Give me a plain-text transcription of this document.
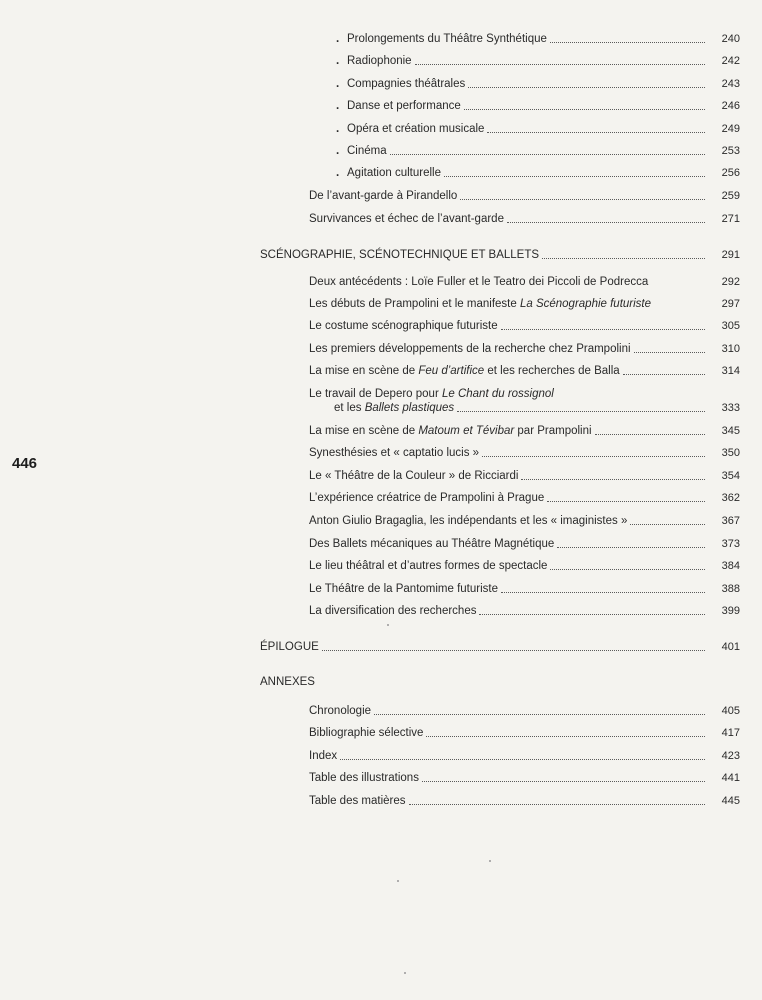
446
. Prolongements du Théâtre Synthétique	240
. Radiophonie	242
. Compagnies théâtrales	243
. Danse et performance	246
. Opéra et création musicale	249
. Cinéma	253
. Agitation culturelle	256
De l’avant-garde à Pirandello	259
Survivances et échec de l’avant-garde	271
SCÉNOGRAPHIE, SCÉNOTECHNIQUE ET BALLETS	291
Deux antécédents : Loïe Fuller et le Teatro dei Piccoli de Podrecca	292
Les débuts de Prampolini et le manifeste La Scénographie futuriste	297
Le costume scénographique futuriste	305
Les premiers développements de la recherche chez Prampolini	310
La mise en scène de Feu d’artifice et les recherches de Balla	314
Le travail de Depero pour Le Chant du rossignol
et les Ballets plastiques	333
La mise en scène de Matoum et Tévibar par Prampolini	345
Synesthésies et « captatio lucis »	350
Le « Théâtre de la Couleur » de Ricciardi	354
L’expérience créatrice de Prampolini à Prague	362
Anton Giulio Bragaglia, les indépendants et les « imaginistes »	367
Des Ballets mécaniques au Théâtre Magnétique	373
Le lieu théâtral et d’autres formes de spectacle	384
Le Théâtre de la Pantomime futuriste	388
La diversification des recherches	399
ÉPILOGUE	401
ANNEXES
Chronologie	405
Bibliographie sélective	417
Index	423
Table des illustrations	441
Table des matières	445
